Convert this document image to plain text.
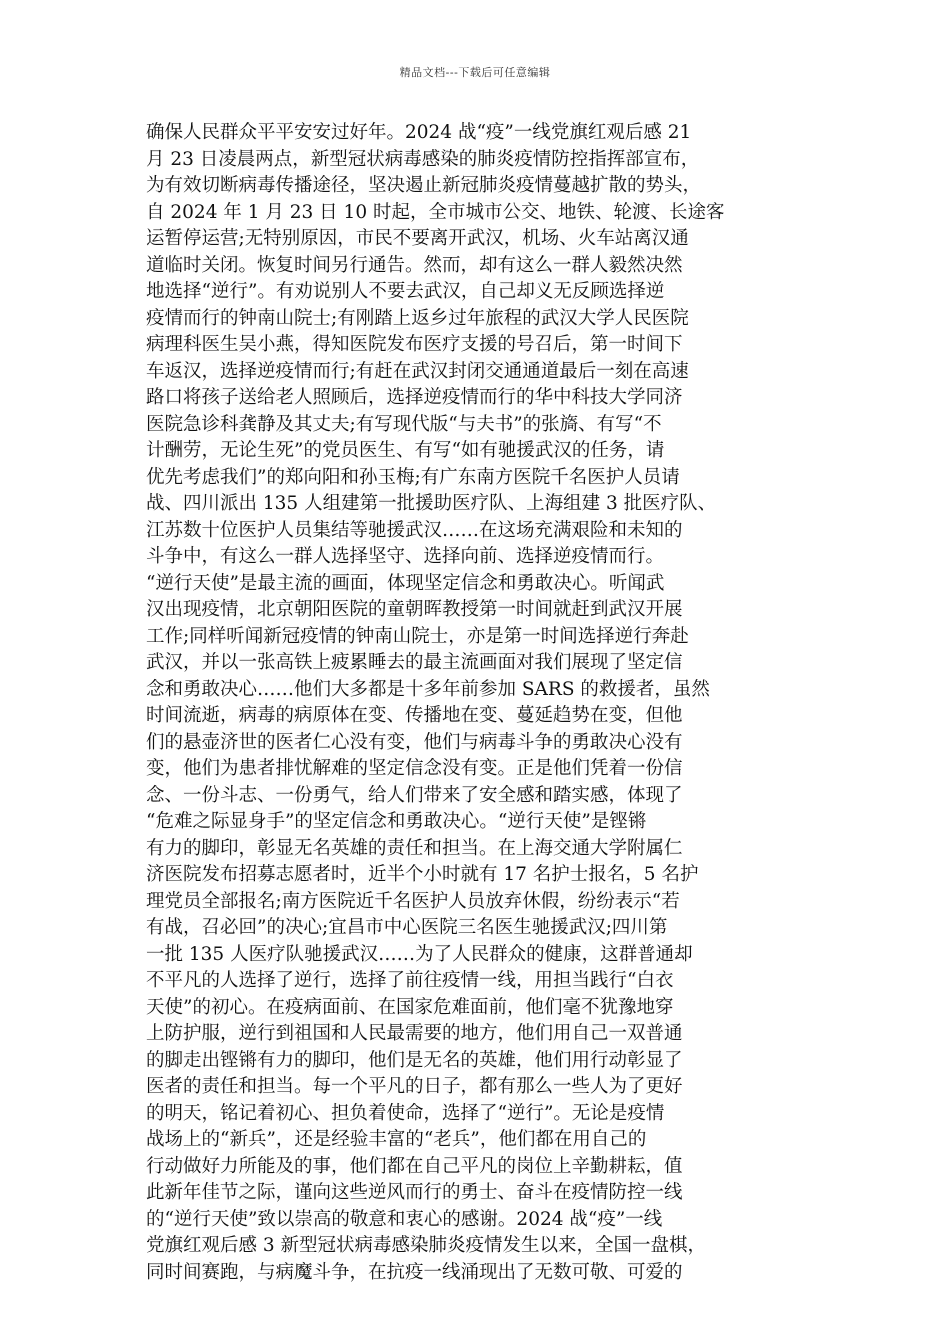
精品文档---下载后可任意编辑
确保人民群众平平安安过好年。2024 战“疫”一线党旗红观后感 21
月 23 日凌晨两点，新型冠状病毒感染的肺炎疫情防控指挥部宣布，
为有效切断病毒传播途径，坚决遏止新冠肺炎疫情蔓越扩散的势头，
自 2024 年 1 月 23 日 10 时起，全市城市公交、地铁、轮渡、长途客
运暂停运营;无特别原因，市民不要离开武汉，机场、火车站离汉通
道临时关闭。恢复时间另行通告。然而，却有这么一群人毅然决然
地选择“逆行”。有劝说别人不要去武汉，自己却义无反顾选择逆
疫情而行的钟南山院士;有刚踏上返乡过年旅程的武汉大学人民医院
病理科医生吴小燕，得知医院发布医疗支援的号召后，第一时间下
车返汉，选择逆疫情而行;有赶在武汉封闭交通通道最后一刻在高速
路口将孩子送给老人照顾后，选择逆疫情而行的华中科技大学同济
医院急诊科龚静及其丈夫;有写现代版“与夫书”的张旖、有写“不
计酬劳，无论生死”的党员医生、有写“如有驰援武汉的任务，请
优先考虑我们”的郑向阳和孙玉梅;有广东南方医院千名医护人员请
战、四川派出 135 人组建第一批援助医疗队、上海组建 3 批医疗队、
江苏数十位医护人员集结等驰援武汉……在这场充满艰险和未知的
斗争中，有这么一群人选择坚守、选择向前、选择逆疫情而行。
“逆行天使”是最主流的画面，体现坚定信念和勇敢决心。听闻武
汉出现疫情，北京朝阳医院的童朝晖教授第一时间就赶到武汉开展
工作;同样听闻新冠疫情的钟南山院士，亦是第一时间选择逆行奔赴
武汉，并以一张高铁上疲累睡去的最主流画面对我们展现了坚定信
念和勇敢决心……他们大多都是十多年前参加 SARS 的救援者，虽然
时间流逝，病毒的病原体在变、传播地在变、蔓延趋势在变，但他
们的悬壶济世的医者仁心没有变，他们与病毒斗争的勇敢决心没有
变，他们为患者排忧解难的坚定信念没有变。正是他们凭着一份信
念、一份斗志、一份勇气，给人们带来了安全感和踏实感，体现了
“危难之际显身手”的坚定信念和勇敢决心。“逆行天使”是铿锵
有力的脚印，彰显无名英雄的责任和担当。在上海交通大学附属仁
济医院发布招募志愿者时，近半个小时就有 17 名护士报名，5 名护
理党员全部报名;南方医院近千名医护人员放弃休假，纷纷表示“若
有战，召必回”的决心;宜昌市中心医院三名医生驰援武汉;四川第
一批 135 人医疗队驰援武汉……为了人民群众的健康，这群普通却
不平凡的人选择了逆行，选择了前往疫情一线，用担当践行“白衣
天使”的初心。在疫病面前、在国家危难面前，他们毫不犹豫地穿
上防护服，逆行到祖国和人民最需要的地方，他们用自己一双普通
的脚走出铿锵有力的脚印，他们是无名的英雄，他们用行动彰显了
医者的责任和担当。每一个平凡的日子，都有那么一些人为了更好
的明天，铭记着初心、担负着使命，选择了“逆行”。无论是疫情
战场上的“新兵”，还是经验丰富的“老兵”，他们都在用自己的
行动做好力所能及的事，他们都在自己平凡的岗位上辛勤耕耘，值
此新年佳节之际，谨向这些逆风而行的勇士、奋斗在疫情防控一线
的“逆行天使”致以崇高的敬意和衷心的感谢。2024 战“疫”一线
党旗红观后感 3 新型冠状病毒感染肺炎疫情发生以来，全国一盘棋，
同时间赛跑，与病魔斗争，在抗疫一线涌现出了无数可敬、可爱的
